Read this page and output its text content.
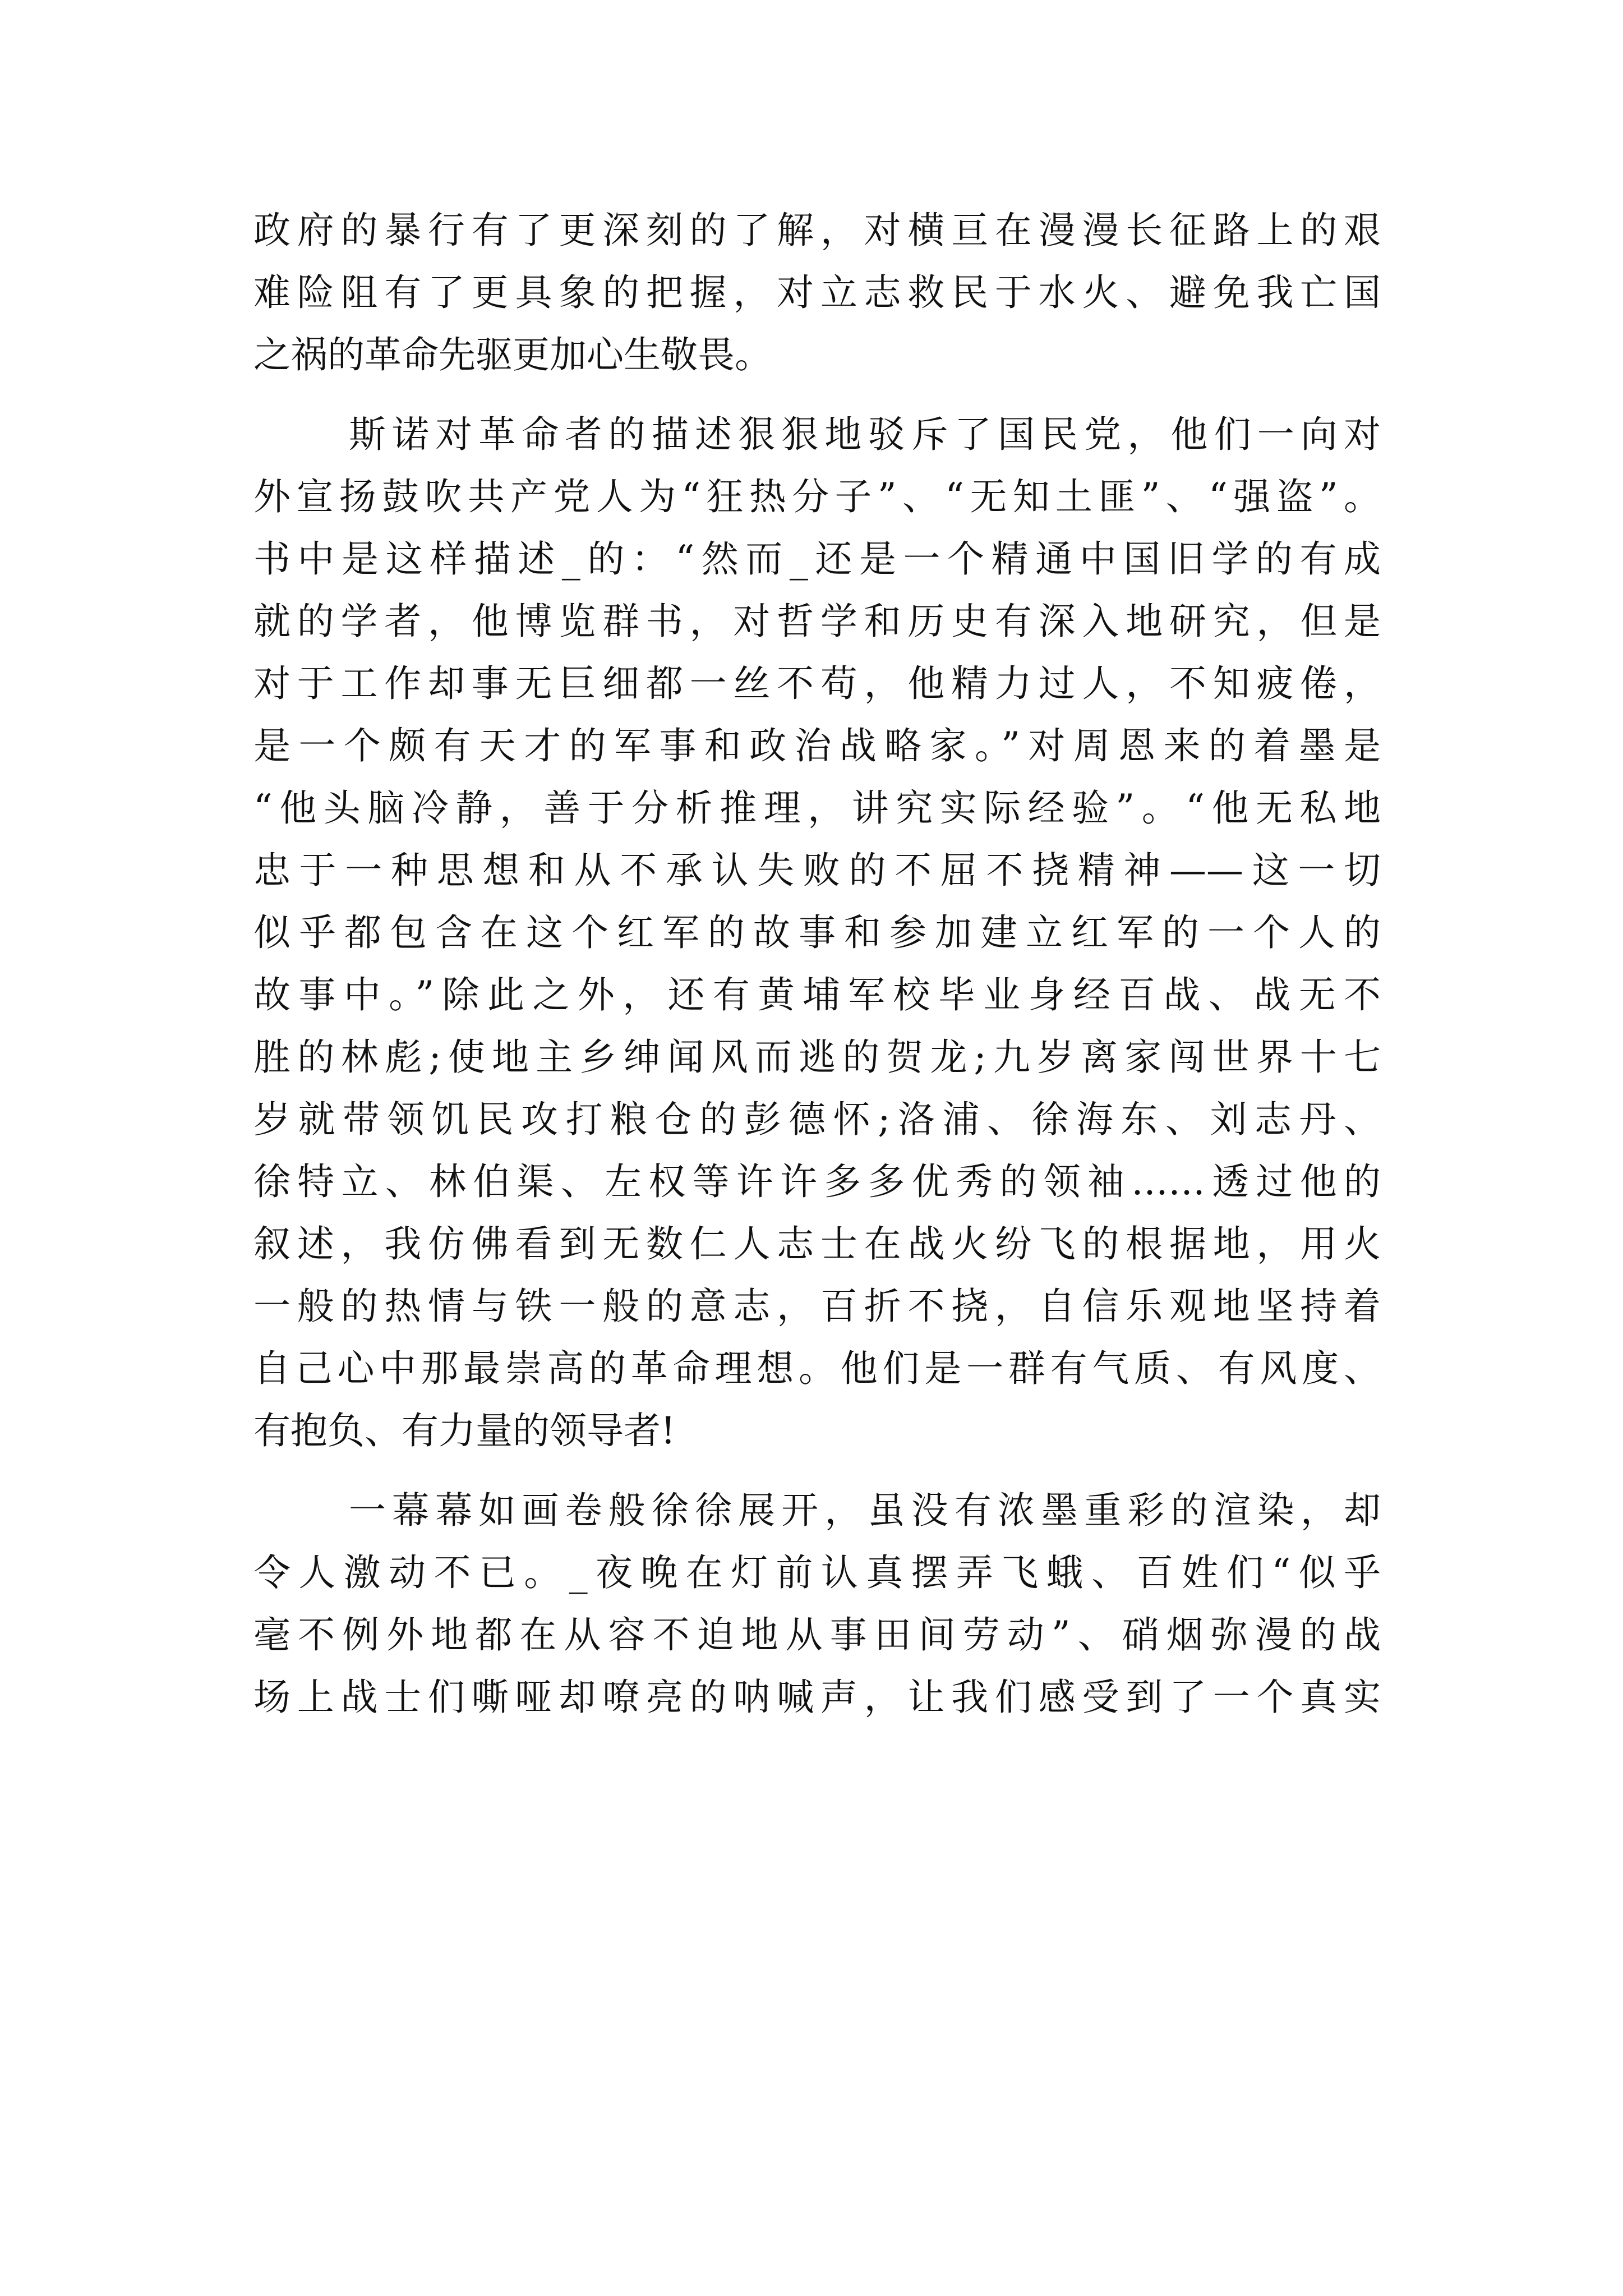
政府的暴行有了更深刻的了解，对横亘在漫漫长征路上的艰
难险阻有了更具象的把握，对立志救民于水火、避免我亡国
之祸的革命先驱更加心生敬畏。
斯诺对革命者的描述狠狠地驳斥了国民党，他们一向对
外宣扬鼓吹共产党人为“狂热分子”、“无知土匪”、“强盗”。
书中是这样描述_的：“然而_还是一个精通中国旧学的有成
就的学者，他博览群书，对哲学和历史有深入地研究，但是
对于工作却事无巨细都一丝不苟，他精力过人，不知疲倦，
是一个颇有天才的军事和政治战略家。”对周恩来的着墨是
“他头脑冷静，善于分析推理，讲究实际经验”。“他无私地
忠于一种思想和从不承认失败的不屈不挠精神——这一切
似乎都包含在这个红军的故事和参加建立红军的一个人的
故事中。”除此之外，还有黄埔军校毕业身经百战、战无不
胜的林彪;使地主乡绅闻风而逃的贺龙;九岁离家闯世界十七
岁就带领饥民攻打粮仓的彭德怀;洛浦、徐海东、刘志丹、
徐特立、林伯渠、左权等许许多多优秀的领袖……透过他的
叙述，我仿佛看到无数仁人志士在战火纷飞的根据地，用火
一般的热情与铁一般的意志，百折不挠，自信乐观地坚持着
自己心中那最崇高的革命理想。他们是一群有气质、有风度、
有抱负、有力量的领导者!
一幕幕如画卷般徐徐展开，虽没有浓墨重彩的渲染，却
令人激动不已。_夜晚在灯前认真摆弄飞蛾、百姓们“似乎
毫不例外地都在从容不迫地从事田间劳动”、硝烟弥漫的战
场上战士们嘶哑却嘹亮的呐喊声，让我们感受到了一个真实
